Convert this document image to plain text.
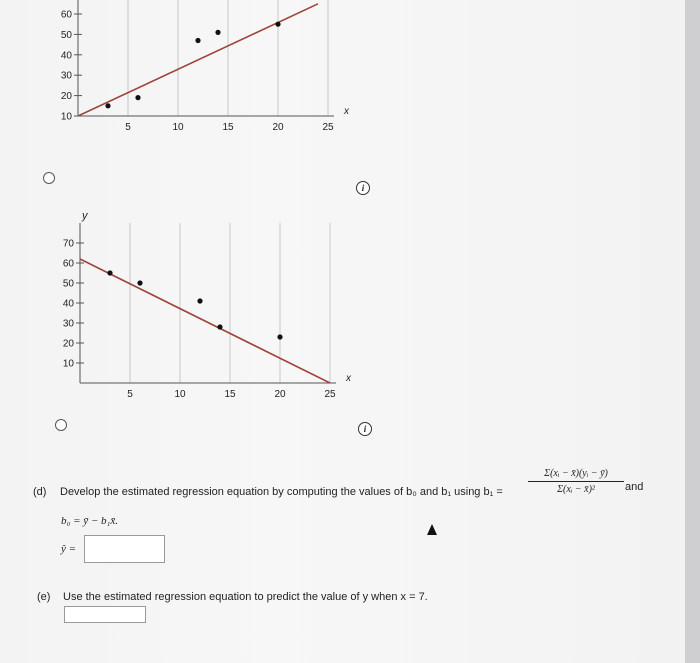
5	10	15	20	25
10
20
30
40
50
60
x
i
5	10	15	20	25
10
20
30
40
50
60
70
x
y
i
(d) Develop the estimated regression equation by computing the values of b₀ and b₁ using b₁ =
Σ(xᵢ − x̄)(yᵢ − ȳ)
Σ(xᵢ − x̄)²	and
b₀ = ȳ − b₁x̄.
ŷ =
(e) Use the estimated regression equation to predict the value of y when x = 7.
